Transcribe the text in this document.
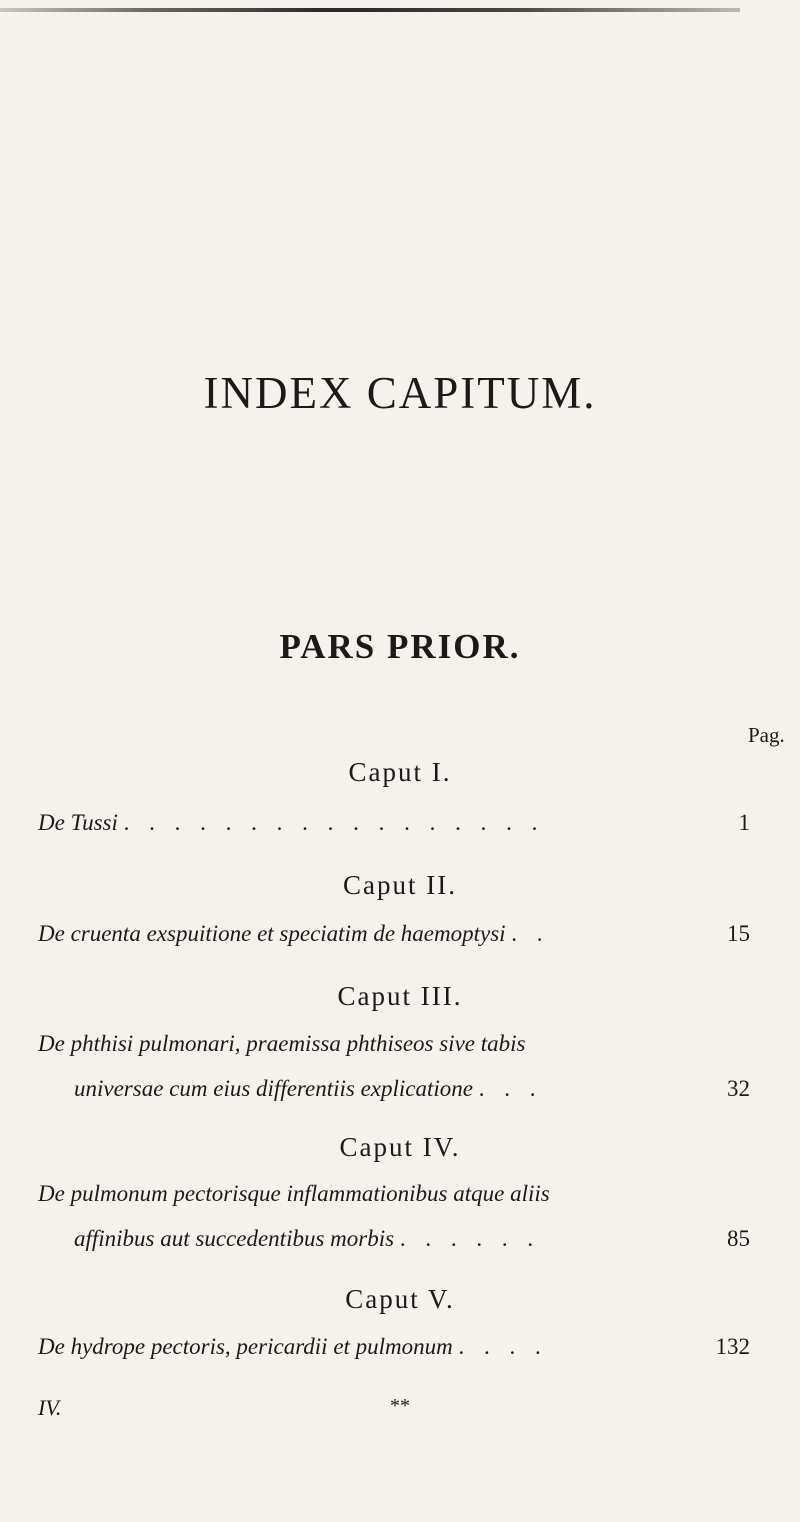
INDEX CAPITUM.
PARS PRIOR.
Pag.
Caput I.
De Tussi . . . . . . . . . . . . . . . . .	1
Caput II.
De cruenta exspuitione et speciatim de haemoptysi . .	15
Caput III.
De phthisi pulmonari, praemissa phthiseos sive tabis
universae cum eius differentiis explicatione . . .	32
Caput IV.
De pulmonum pectorisque inflammationibus atque aliis
affinibus aut succedentibus morbis . . . . . .	85
Caput V.
De hydrope pectoris, pericardii et pulmonum . . . .	132
IV.	**
